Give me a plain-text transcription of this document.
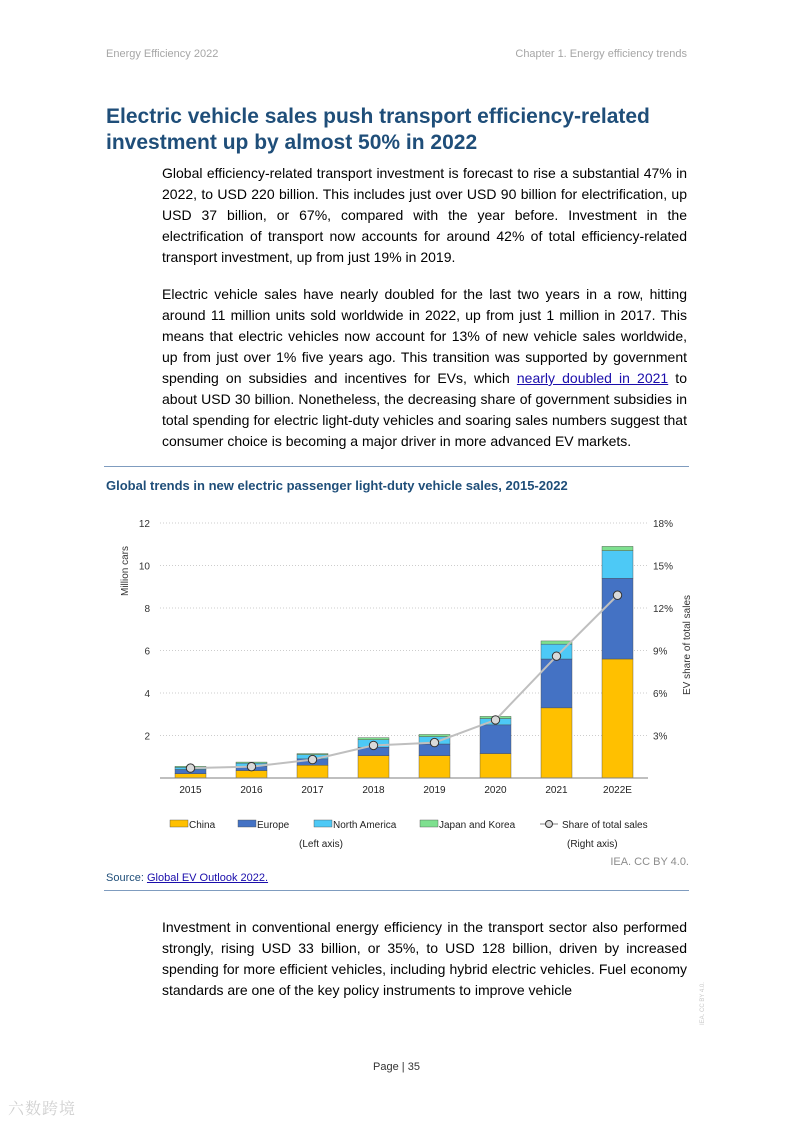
Energy Efficiency 2022	Chapter 1. Energy efficiency trends
Electric vehicle sales push transport efficiency-related investment up by almost 50% in 2022

Global efficiency-related transport investment is forecast to rise a substantial 47% in 2022, to USD 220 billion. This includes just over USD 90 billion for electrification, up USD 37 billion, or 67%, compared with the year before. Investment in the electrification of transport now accounts for around 42% of total efficiency-related transport investment, up from just 19% in 2019.

Electric vehicle sales have nearly doubled for the last two years in a row, hitting around 11 million units sold worldwide in 2022, up from just 1 million in 2017. This means that electric vehicles now account for 13% of new vehicle sales worldwide, up from just over 1% five years ago. This transition was supported by government spending on subsidies and incentives for EVs, which nearly doubled in 2021 to about USD 30 billion. Nonetheless, the decreasing share of government subsidies in total spending for electric light-duty vehicles and soaring sales numbers suggest that consumer choice is becoming a major driver in more advanced EV markets.

Global trends in new electric passenger light-duty vehicle sales, 2015-2022
2
4
6
8
10
12
3%
6%
9%
12%
15%
18%
Million cars
EV share of total sales
2015	2016	2017	2018	2019	2020	2021	2022E
China	Europe	North America	Japan and Korea	Share of total sales
(Left axis)	(Right axis)
IEA. CC BY 4.0.
Source: Global EV Outlook 2022.

Investment in conventional energy efficiency in the transport sector also performed strongly, rising USD 33 billion, or 35%, to USD 128 billion, driven by increased spending for more efficient vehicles, including hybrid electric vehicles. Fuel economy standards are one of the key policy instruments to improve vehicle

Page | 35
IEA. CC BY 4.0.
六数跨境
